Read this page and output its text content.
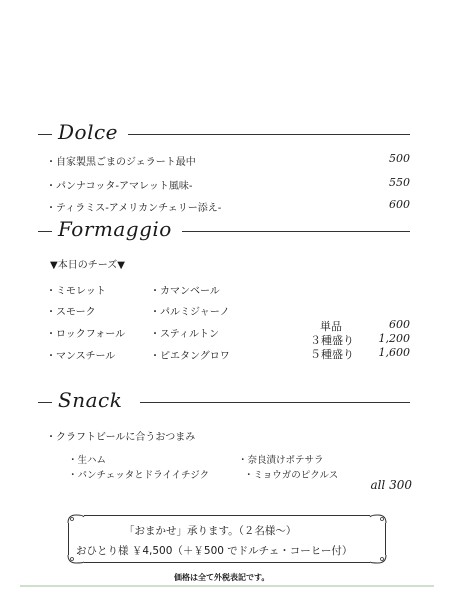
Dolce
・自家製黒ごまのジェラート最中	500
・パンナコッタ‐アマレット風味‐	550
・ティラミス‐アメリカンチェリー添え‐	600
Formaggio
▼本日のチーズ▼
・ミモレット
・スモーク
・ロックフォール
・マンスチール
・カマンベール
・パルミジャーノ
・スティルトン
・ピエタングロワ
単品	600
３種盛り 1,200
５種盛り 1,600
Snack
・クラフトビールに合うおつまみ
・生ハム
・パンチェッタとドライイチジク
・奈良漬けポテサラ
・ミョウガのピクルス
all 300
「おまかせ」承ります。（２名様〜）
おひとり様 ￥4,500（＋￥500 でドルチェ・コーヒー付）
価格は全て外税表記です。
